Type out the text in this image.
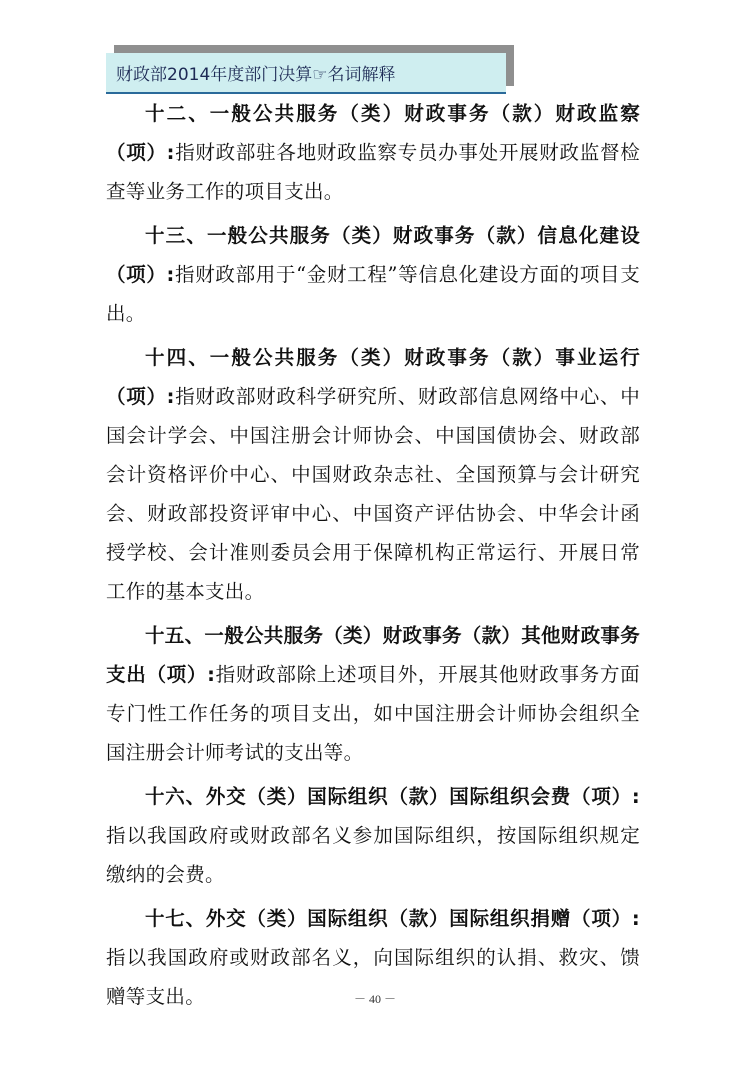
财政部2014年度部门决算☞名词解释

十二、一般公共服务（类）财政事务（款）财政监察（项）:指财政部驻各地财政监察专员办事处开展财政监督检查等业务工作的项目支出。

十三、一般公共服务（类）财政事务（款）信息化建设（项）:指财政部用于“金财工程”等信息化建设方面的项目支出。

十四、一般公共服务（类）财政事务（款）事业运行（项）:指财政部财政科学研究所、财政部信息网络中心、中国会计学会、中国注册会计师协会、中国国债协会、财政部会计资格评价中心、中国财政杂志社、全国预算与会计研究会、财政部投资评审中心、中国资产评估协会、中华会计函授学校、会计准则委员会用于保障机构正常运行、开展日常工作的基本支出。

十五、一般公共服务（类）财政事务（款）其他财政事务支出（项）:指财政部除上述项目外，开展其他财政事务方面专门性工作任务的项目支出，如中国注册会计师协会组织全国注册会计师考试的支出等。

十六、外交（类）国际组织（款）国际组织会费（项）:指以我国政府或财政部名义参加国际组织，按国际组织规定缴纳的会费。

十七、外交（类）国际组织（款）国际组织捐赠（项）:指以我国政府或财政部名义，向国际组织的认捐、救灾、馈赠等支出。	－ 40 －
